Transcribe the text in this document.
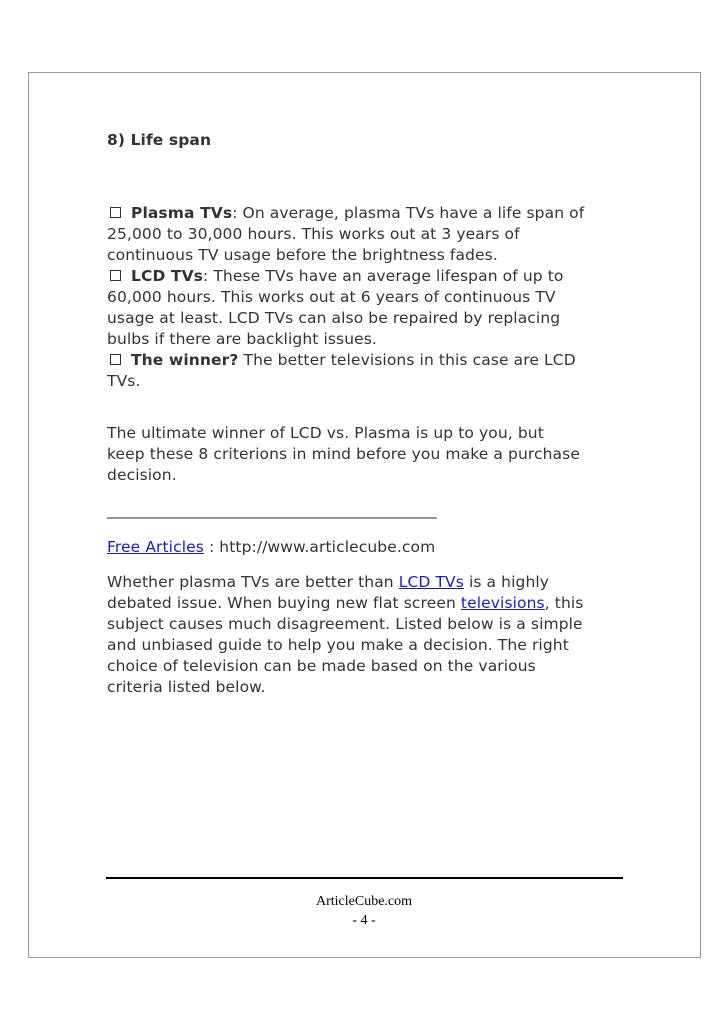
8) Life span
Plasma TVs: On average, plasma TVs have a life span of
25,000 to 30,000 hours. This works out at 3 years of
continuous TV usage before the brightness fades.
LCD TVs: These TVs have an average lifespan of up to
60,000 hours. This works out at 6 years of continuous TV
usage at least. LCD TVs can also be repaired by replacing
bulbs if there are backlight issues.
The winner? The better televisions in this case are LCD
TVs.
The ultimate winner of LCD vs. Plasma is up to you, but
keep these 8 criterions in mind before you make a purchase
decision.
__________________________________________
Free Articles : http://www.articlecube.com
Whether plasma TVs are better than LCD TVs is a highly
debated issue. When buying new flat screen televisions, this
subject causes much disagreement. Listed below is a simple
and unbiased guide to help you make a decision. The right
choice of television can be made based on the various
criteria listed below.
ArticleCube.com
- 4 -
